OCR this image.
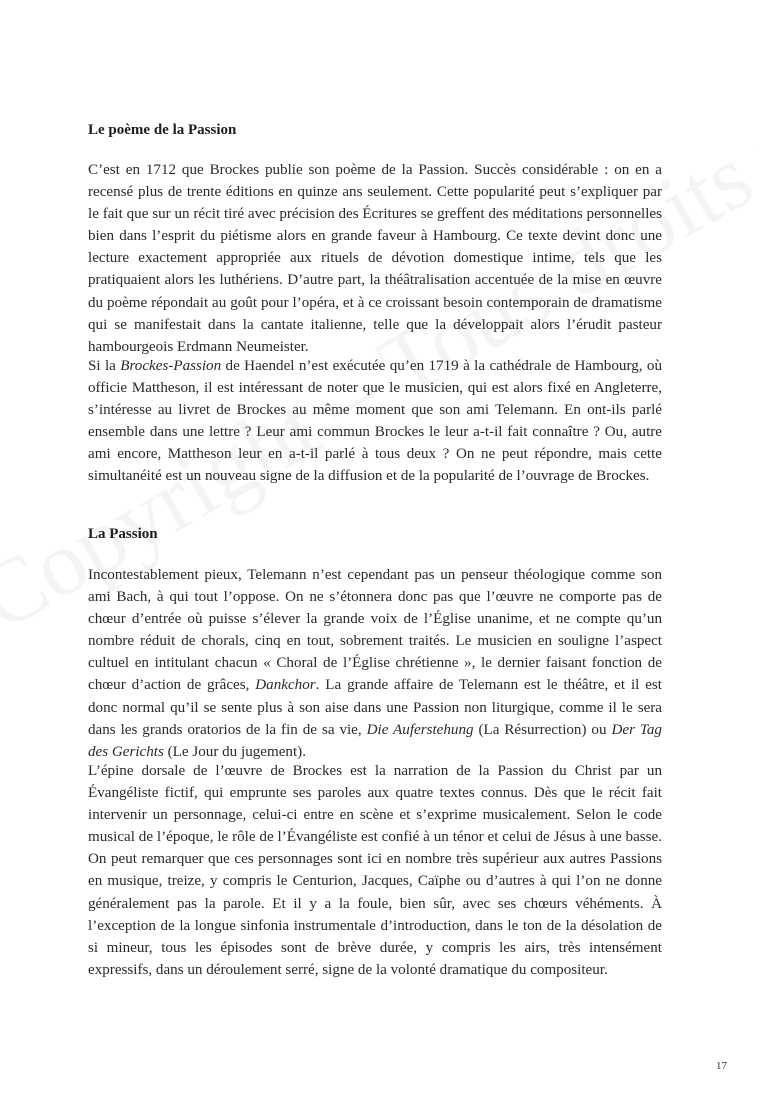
Le poème de la Passion

C’est en 1712 que Brockes publie son poème de la Passion. Succès considérable : on en a recensé plus de trente éditions en quinze ans seulement. Cette popularité peut s’expliquer par le fait que sur un récit tiré avec précision des Écritures se greffent des méditations personnelles bien dans l’esprit du piétisme alors en grande faveur à Hambourg. Ce texte devint donc une lecture exactement appropriée aux rituels de dévotion domestique intime, tels que les pratiquaient alors les luthériens. D’autre part, la théâtralisation accentuée de la mise en œuvre du poème répondait au goût pour l’opéra, et à ce croissant besoin contemporain de dramatisme qui se manifestait dans la cantate italienne, telle que la développait alors l’érudit pasteur hambourgeois Erdmann Neumeister.

Si la Brockes-Passion de Haendel n’est exécutée qu’en 1719 à la cathédrale de Hambourg, où officie Mattheson, il est intéressant de noter que le musicien, qui est alors fixé en Angleterre, s’intéresse au livret de Brockes au même moment que son ami Telemann. En ont-ils parlé ensemble dans une lettre ? Leur ami commun Brockes le leur a-t-il fait connaître ? Ou, autre ami encore, Mattheson leur en a-t-il parlé à tous deux ? On ne peut répondre, mais cette simultanéité est un nouveau signe de la diffusion et de la popularité de l’ouvrage de Brockes.

La Passion

Incontestablement pieux, Telemann n’est cependant pas un penseur théologique comme son ami Bach, à qui tout l’oppose. On ne s’étonnera donc pas que l’œuvre ne comporte pas de chœur d’entrée où puisse s’élever la grande voix de l’Église unanime, et ne compte qu’un nombre réduit de chorals, cinq en tout, sobrement traités. Le musicien en souligne l’aspect cultuel en intitulant chacun « Choral de l’Église chrétienne », le dernier faisant fonction de chœur d’action de grâces, Dankchor. La grande affaire de Telemann est le théâtre, et il est donc normal qu’il se sente plus à son aise dans une Passion non liturgique, comme il le sera dans les grands oratorios de la fin de sa vie, Die Auferstehung (La Résurrection) ou Der Tag des Gerichts (Le Jour du jugement).

L’épine dorsale de l’œuvre de Brockes est la narration de la Passion du Christ par un Évangéliste fictif, qui emprunte ses paroles aux quatre textes connus. Dès que le récit fait intervenir un personnage, celui-ci entre en scène et s’exprime musicalement. Selon le code musical de l’époque, le rôle de l’Évangéliste est confié à un ténor et celui de Jésus à une basse. On peut remarquer que ces personnages sont ici en nombre très supérieur aux autres Passions en musique, treize, y compris le Centurion, Jacques, Caïphe ou d’autres à qui l’on ne donne généralement pas la parole. Et il y a la foule, bien sûr, avec ses chœurs véhéments. À l’exception de la longue sinfonia instrumentale d’introduction, dans le ton de la désolation de si mineur, tous les épisodes sont de brève durée, y compris les airs, très intensément expressifs, dans un déroulement serré, signe de la volonté dramatique du compositeur.

17
